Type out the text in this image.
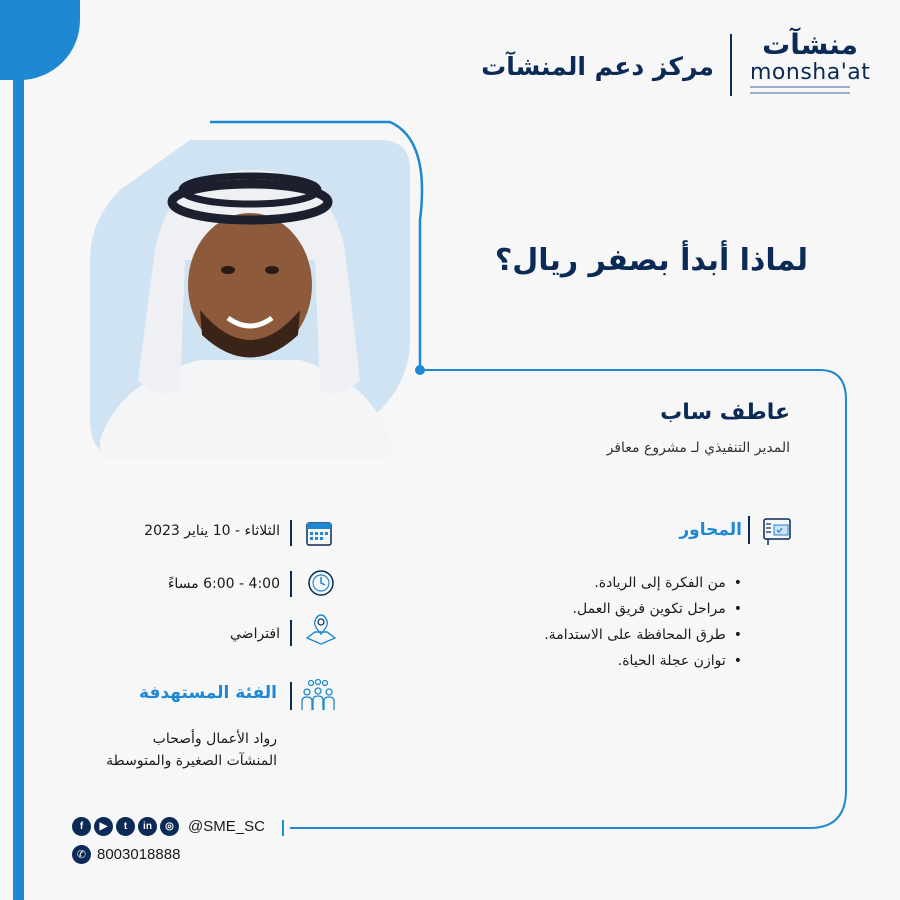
مركز دعم المنشآت
منشآت
monsha'at
لماذا أبدأ بصفر ريال؟
عاطف ساب
المدير التنفيذي لـ مشروع معافر
المحاور
• من الفكرة إلى الريادة.
• مراحل تكوين فريق العمل.
• طرق المحافظة على الاستدامة.
• توازن عجلة الحياة.
الثلاثاء - 10 يناير 2023
4:00 - 6:00 مساءً
افتراضي
الفئة المستهدفة
رواد الأعمال وأصحاب
المنشآت الصغيرة والمتوسطة
f	▶	t	in	◎ @SME_SC
✆ 8003018888
